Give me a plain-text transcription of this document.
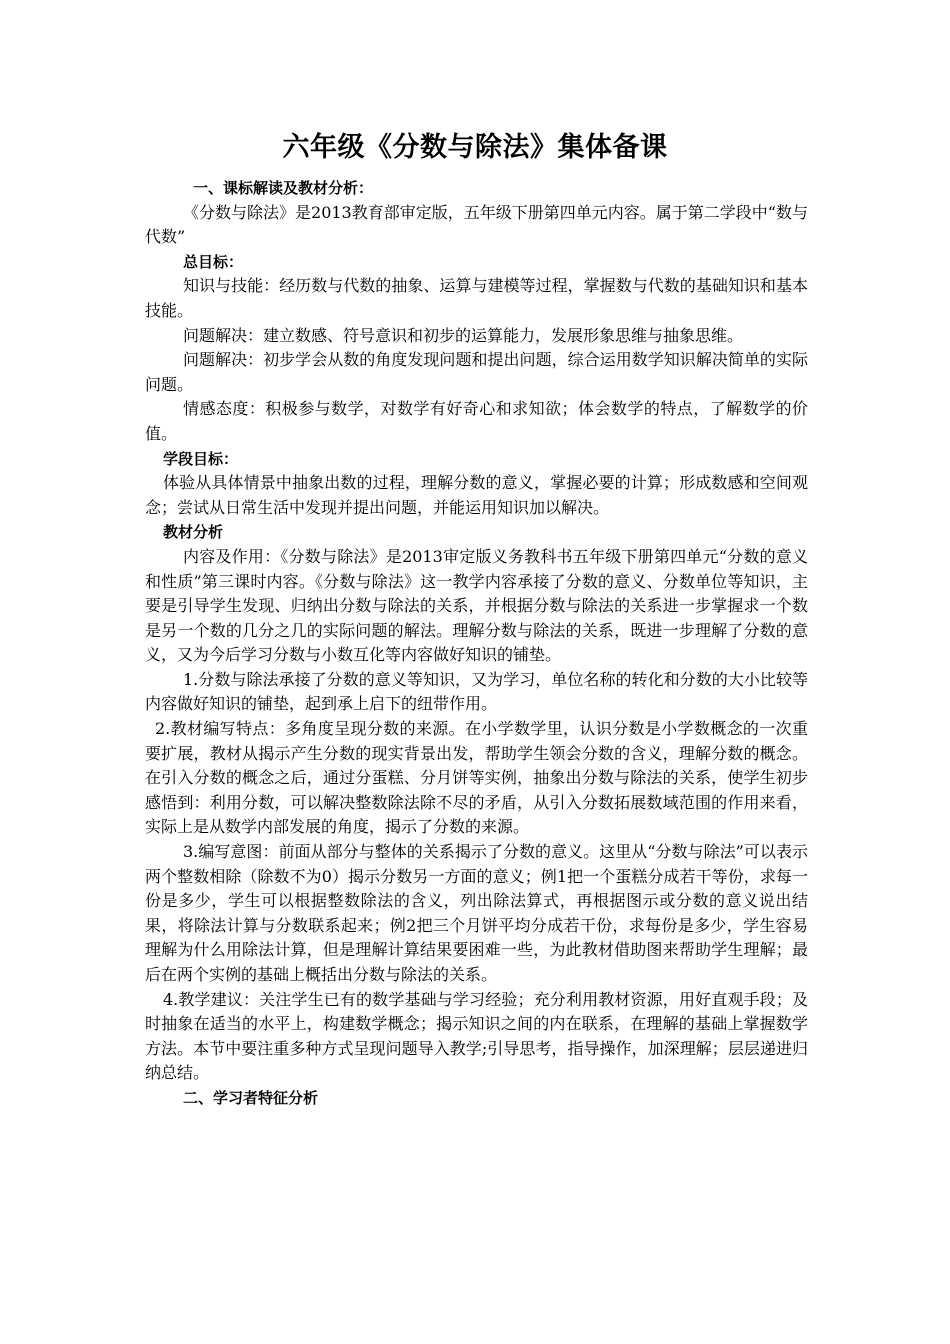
六年级《分数与除法》集体备课

一、课标解读及教材分析：

《分数与除法》是2013教育部审定版，五年级下册第四单元内容。属于第二学段中“数与代数”

总目标：

知识与技能：经历数与代数的抽象、运算与建模等过程，掌握数与代数的基础知识和基本技能。

问题解决：建立数感、符号意识和初步的运算能力，发展形象思维与抽象思维。

问题解决：初步学会从数的角度发现问题和提出问题，综合运用数学知识解决简单的实际问题。

情感态度：积极参与数学，对数学有好奇心和求知欲；体会数学的特点，了解数学的价值。

学段目标：

体验从具体情景中抽象出数的过程，理解分数的意义，掌握必要的计算；形成数感和空间观念；尝试从日常生活中发现并提出问题，并能运用知识加以解决。

教材分析

内容及作用：《分数与除法》是2013审定版义务教科书五年级下册第四单元“分数的意义和性质”第三课时内容。《分数与除法》这一教学内容承接了分数的意义、分数单位等知识，主要是引导学生发现、归纳出分数与除法的关系，并根据分数与除法的关系进一步掌握求一个数是另一个数的几分之几的实际问题的解法。理解分数与除法的关系，既进一步理解了分数的意义，又为今后学习分数与小数互化等内容做好知识的铺垫。

1.分数与除法承接了分数的意义等知识，又为学习，单位名称的转化和分数的大小比较等内容做好知识的铺垫，起到承上启下的纽带作用。

2.教材编写特点：多角度呈现分数的来源。在小学数学里，认识分数是小学数概念的一次重要扩展，教材从揭示产生分数的现实背景出发，帮助学生领会分数的含义，理解分数的概念。在引入分数的概念之后，通过分蛋糕、分月饼等实例，抽象出分数与除法的关系，使学生初步感悟到：利用分数，可以解决整数除法除不尽的矛盾，从引入分数拓展数域范围的作用来看，实际上是从数学内部发展的角度，揭示了分数的来源。

3.编写意图：前面从部分与整体的关系揭示了分数的意义。这里从“分数与除法”可以表示两个整数相除（除数不为0）揭示分数另一方面的意义；例1把一个蛋糕分成若干等份，求每一份是多少，学生可以根据整数除法的含义，列出除法算式，再根据图示或分数的意义说出结果，将除法计算与分数联系起来；例2把三个月饼平均分成若干份，求每份是多少，学生容易理解为什么用除法计算，但是理解计算结果要困难一些，为此教材借助图来帮助学生理解；最后在两个实例的基础上概括出分数与除法的关系。

4.教学建议：关注学生已有的数学基础与学习经验；充分利用教材资源，用好直观手段；及时抽象在适当的水平上，构建数学概念；揭示知识之间的内在联系，在理解的基础上掌握数学方法。本节中要注重多种方式呈现问题导入教学;引导思考，指导操作，加深理解；层层递进归纳总结。

二、学习者特征分析
